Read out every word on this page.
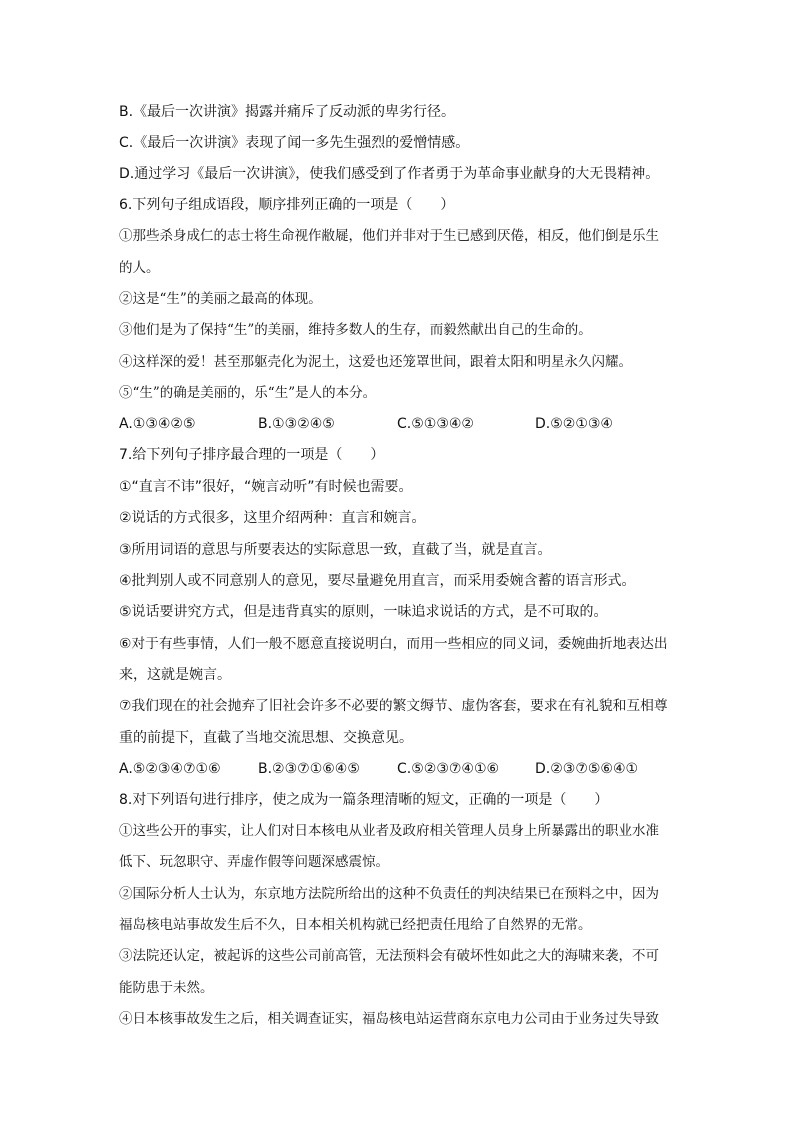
B.《最后一次讲演》揭露并痛斥了反动派的卑劣行径。
C.《最后一次讲演》表现了闻一多先生强烈的爱憎情感。
D.通过学习《最后一次讲演》，使我们感受到了作者勇于为革命事业献身的大无畏精神。
6.下列句子组成语段，顺序排列正确的一项是（　　）
①那些杀身成仁的志士将生命视作敝屣，他们并非对于生已感到厌倦，相反，他们倒是乐生
的人。
②这是“生”的美丽之最高的体现。
③他们是为了保持“生”的美丽，维持多数人的生存，而毅然献出自己的生命的。
④这样深的爱！甚至那躯壳化为泥土，这爱也还笼罩世间，跟着太阳和明星永久闪耀。
⑤“生”的确是美丽的，乐“生”是人的本分。
A.①③④②⑤	B.①③②④⑤	C.⑤①③④②	D.⑤②①③④
7.给下列句子排序最合理的一项是（　　）
①“直言不讳”很好，“婉言动听”有时候也需要。
②说话的方式很多，这里介绍两种：直言和婉言。
③所用词语的意思与所要表达的实际意思一致，直截了当，就是直言。
④批判别人或不同意别人的意见，要尽量避免用直言，而采用委婉含蓄的语言形式。
⑤说话要讲究方式，但是违背真实的原则，一味追求说话的方式，是不可取的。
⑥对于有些事情，人们一般不愿意直接说明白，而用一些相应的同义词，委婉曲折地表达出
来，这就是婉言。
⑦我们现在的社会抛弃了旧社会许多不必要的繁文缛节、虚伪客套，要求在有礼貌和互相尊
重的前提下，直截了当地交流思想、交换意见。
A.⑤②③④⑦①⑥	B.②③⑦①⑥④⑤	C.⑤②③⑦④①⑥	D.②③⑦⑤⑥④①
8.对下列语句进行排序，使之成为一篇条理清晰的短文，正确的一项是（　　）
①这些公开的事实，让人们对日本核电从业者及政府相关管理人员身上所暴露出的职业水准
低下、玩忽职守、弄虚作假等问题深感震惊。
②国际分析人士认为，东京地方法院所给出的这种不负责任的判决结果已在预料之中，因为
福岛核电站事故发生后不久，日本相关机构就已经把责任甩给了自然界的无常。
③法院还认定，被起诉的这些公司前高管，无法预料会有破坏性如此之大的海啸来袭，不可
能防患于未然。
④日本核事故发生之后，相关调查证实，福岛核电站运营商东京电力公司由于业务过失导致
